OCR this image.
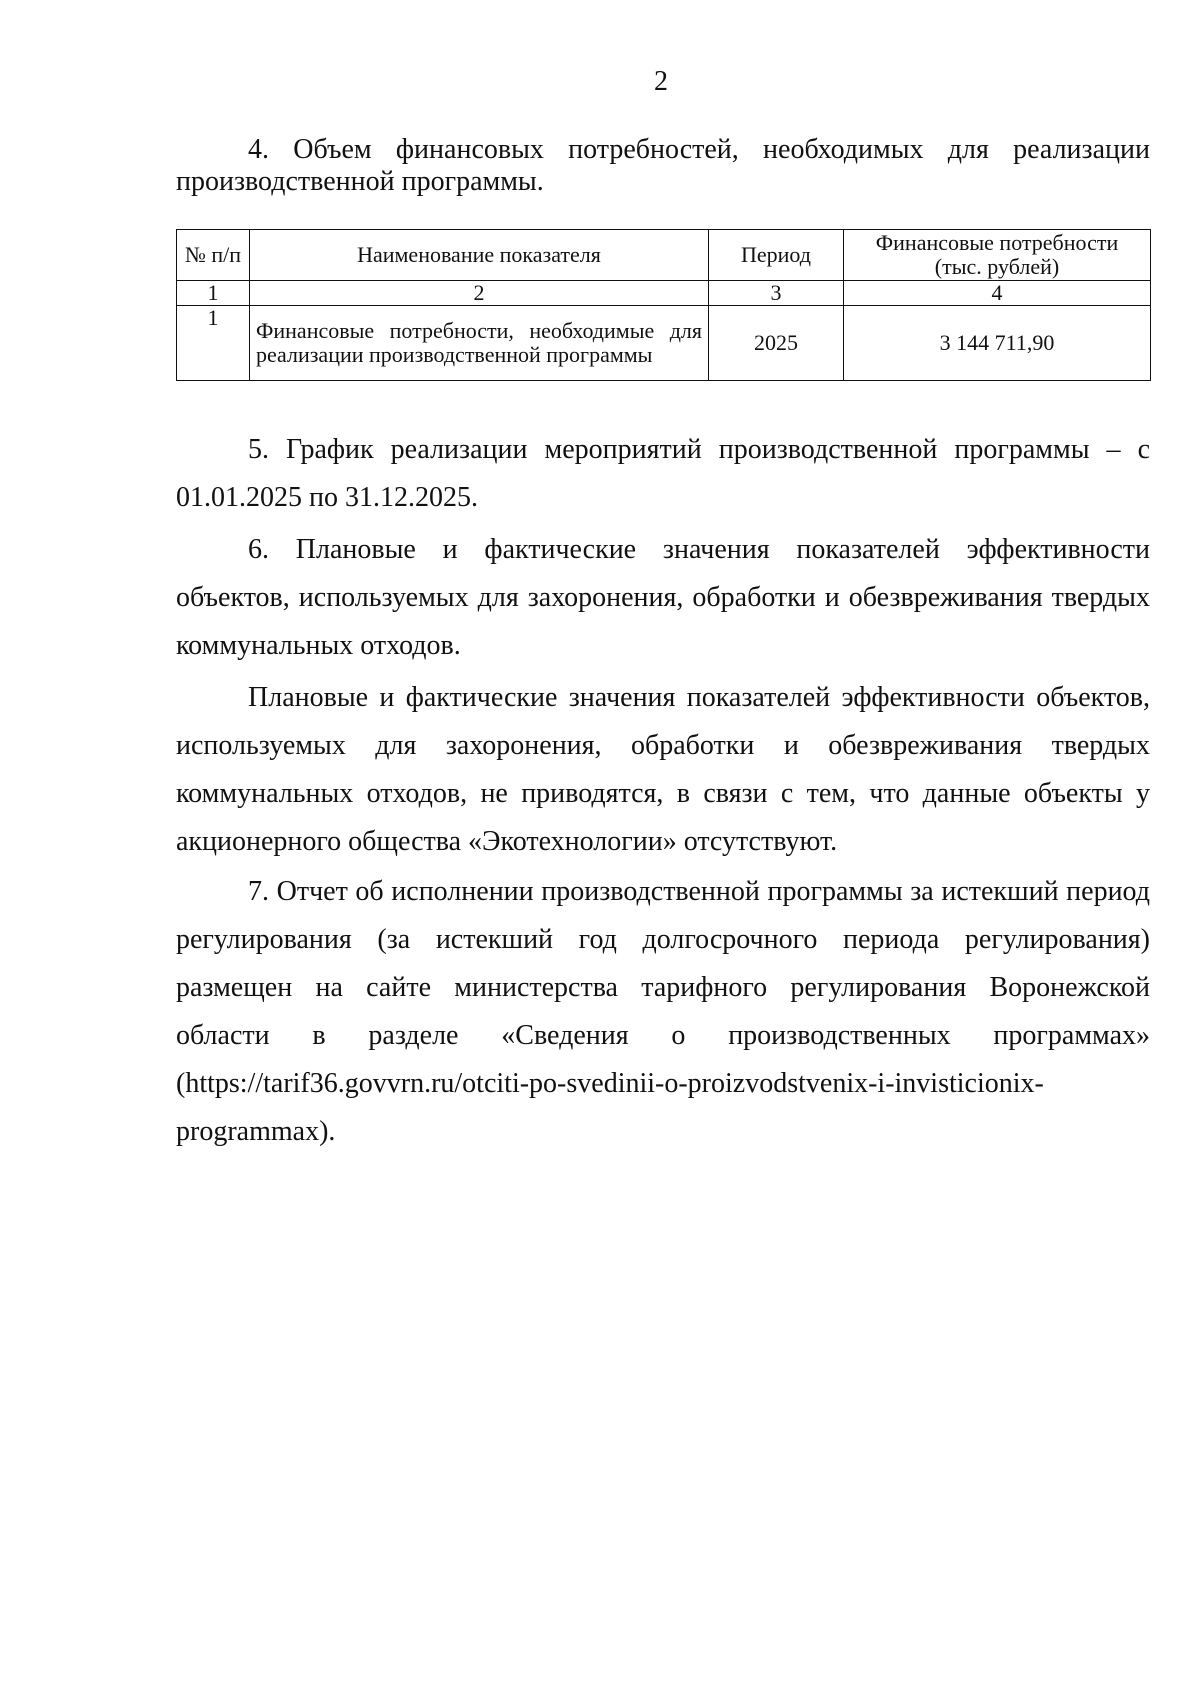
2
4. Объем финансовых потребностей, необходимых для реализации производственной программы.
№ п/п	Наименование показателя	Период	Финансовые потребности (тыс. рублей)
1	2	3	4
1	Финансовые потребности, необходимые для реализации производственной программы	2025	3 144 711,90
5. График реализации мероприятий производственной программы – с 01.01.2025 по 31.12.2025.
6. Плановые и фактические значения показателей эффективности объектов, используемых для захоронения, обработки и обезвреживания твердых коммунальных отходов.
Плановые и фактические значения показателей эффективности объектов, используемых для захоронения, обработки и обезвреживания твердых коммунальных отходов, не приводятся, в связи с тем, что данные объекты у акционерного общества «Экотехнологии» отсутствуют.
7. Отчет об исполнении производственной программы за истекший период регулирования (за истекший год долгосрочного периода регулирования) размещен на сайте министерства тарифного регулирования Воронежской области в разделе «Сведения о производственных программах» (https://tarif36.govvrn.ru/otciti-po-svedinii-o-proizvodstvenix-i-invisticionix-programmax).
